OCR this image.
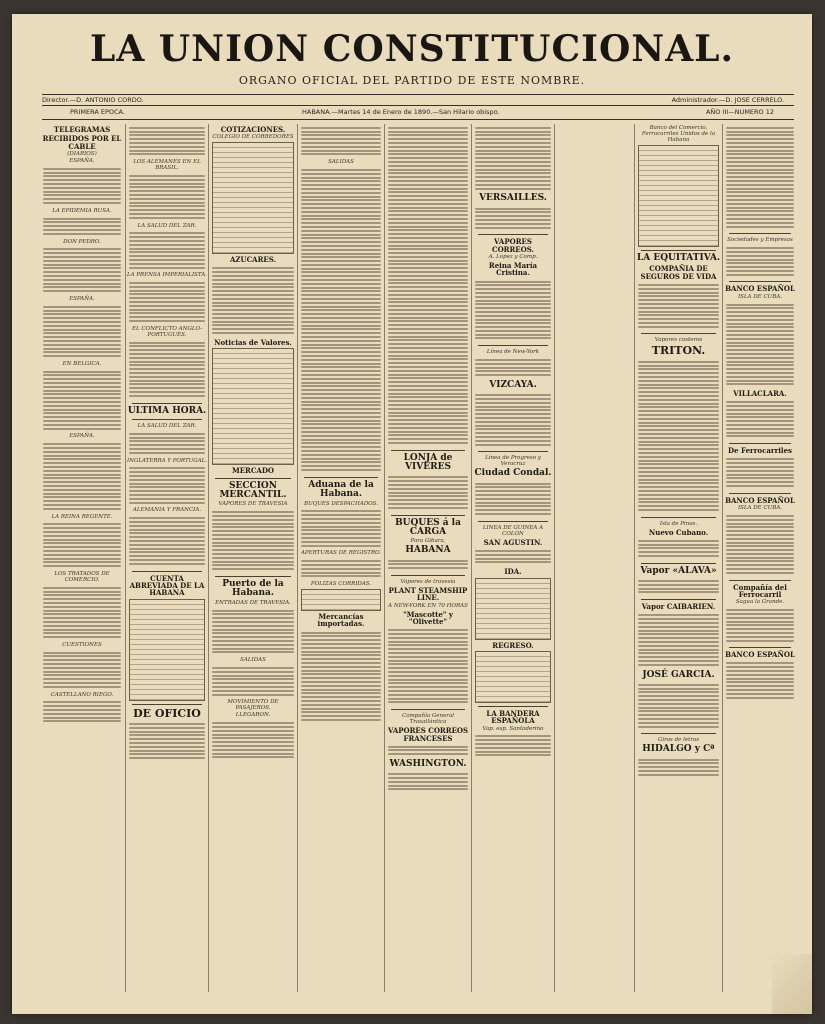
LA UNION CONSTITUCIONAL.
ORGANO OFICIAL DEL PARTIDO DE ESTE NOMBRE.
Director.—D. ANTONIO CORDO.	Administrador.—D. JOSE CERRELO.
PRIMERA EPOCA.	HABANA.—Martes 14 de Enero de 1890.—San Hilario obispo.	AÑO III—NUMERO 12
TELEGRAMAS
RECIBIDOS POR EL CABLE
(DIARIOS)
ESPAÑA.
LA EPIDEMIA RUSA.
DON PEDRO.
ESPAÑA.
EN BELGICA.
ESPAÑA.
LA REINA REGENTE.
LOS TRATADOS DE COMERCIO.
CUESTIONES
CASTELLANO RIEGO.
LOS ALEMANES EN EL BRASIL.
LA SALUD DEL ZAR.
LA PRENSA IMPERIALISTA.
EL CONFLICTO ANGLO-PORTUGUES.
ULTIMA HORA.
LA SALUD DEL ZAR.
INGLATERRA Y PORTUGAL.
ALEMANIA Y FRANCIA.
CUENTA ABREVIADA DE LA HABANA
DE OFICIO
COTIZACIONES.
COLEGIO DE CORREDORES
AZUCARES.
Noticias de Valores.
MERCADO
SECCION MERCANTIL.
VAPORES DE TRAVESIA
Puerto de la Habana.
ENTRADAS DE TRAVESIA.
SALIDAS
MOVIMIENTO DE PASAJEROS.
LLEGARON.
SALIDAS
Aduana de la Habana.
BUQUES DESPACHADOS.
APERTURAS DE REGISTRO.
POLIZAS CORRIDAS.
Mercancías importadas.
LONJA de VIVERES
BUQUES á la CARGA
Para Gibara,
HABANA
Vapores de travesía
PLANT STEAMSHIP LINE.
A NEW-YORK EN 70 HORAS
"Mascotte" y "Olivette"
Compañía General Trasatlántica
VAPORES CORREOS FRANCESES
WASHINGTON.
VERSAILLES.
VAPORES CORREOS.
A. Lopez y Comp.
Reina María Cristina.
Línea de New-York
VIZCAYA.
Línea de Progreso y Veracruz
Ciudad Condal.
LINEA DE GUINEA A COLON
SAN AGUSTIN.
IDA.
REGRESO.
LA BANDERA ESPAÑOLA
Vap. esp. Santoderino
Banco del Comercio, Ferrocarriles Unidos de la Habana
LA EQUITATIVA.
COMPAÑIA DE SEGUROS DE VIDA
Vapores costeros
TRITON.
Isla de Pinos.
Nuevo Cubano.
Vapor «ALAVA»
Vapor CAIBARIEN.
JOSÉ GARCIA.
Giros de letras
HIDALGO y Cª
Sociedades y Empresas
BANCO ESPAÑOL
ISLA DE CUBA.
VILLACLARA.
De Ferrocarriles
BANCO ESPAÑOL
ISLA DE CUBA.
Compañía del Ferrocarril
Sagua la Grande.
BANCO ESPAÑOL
